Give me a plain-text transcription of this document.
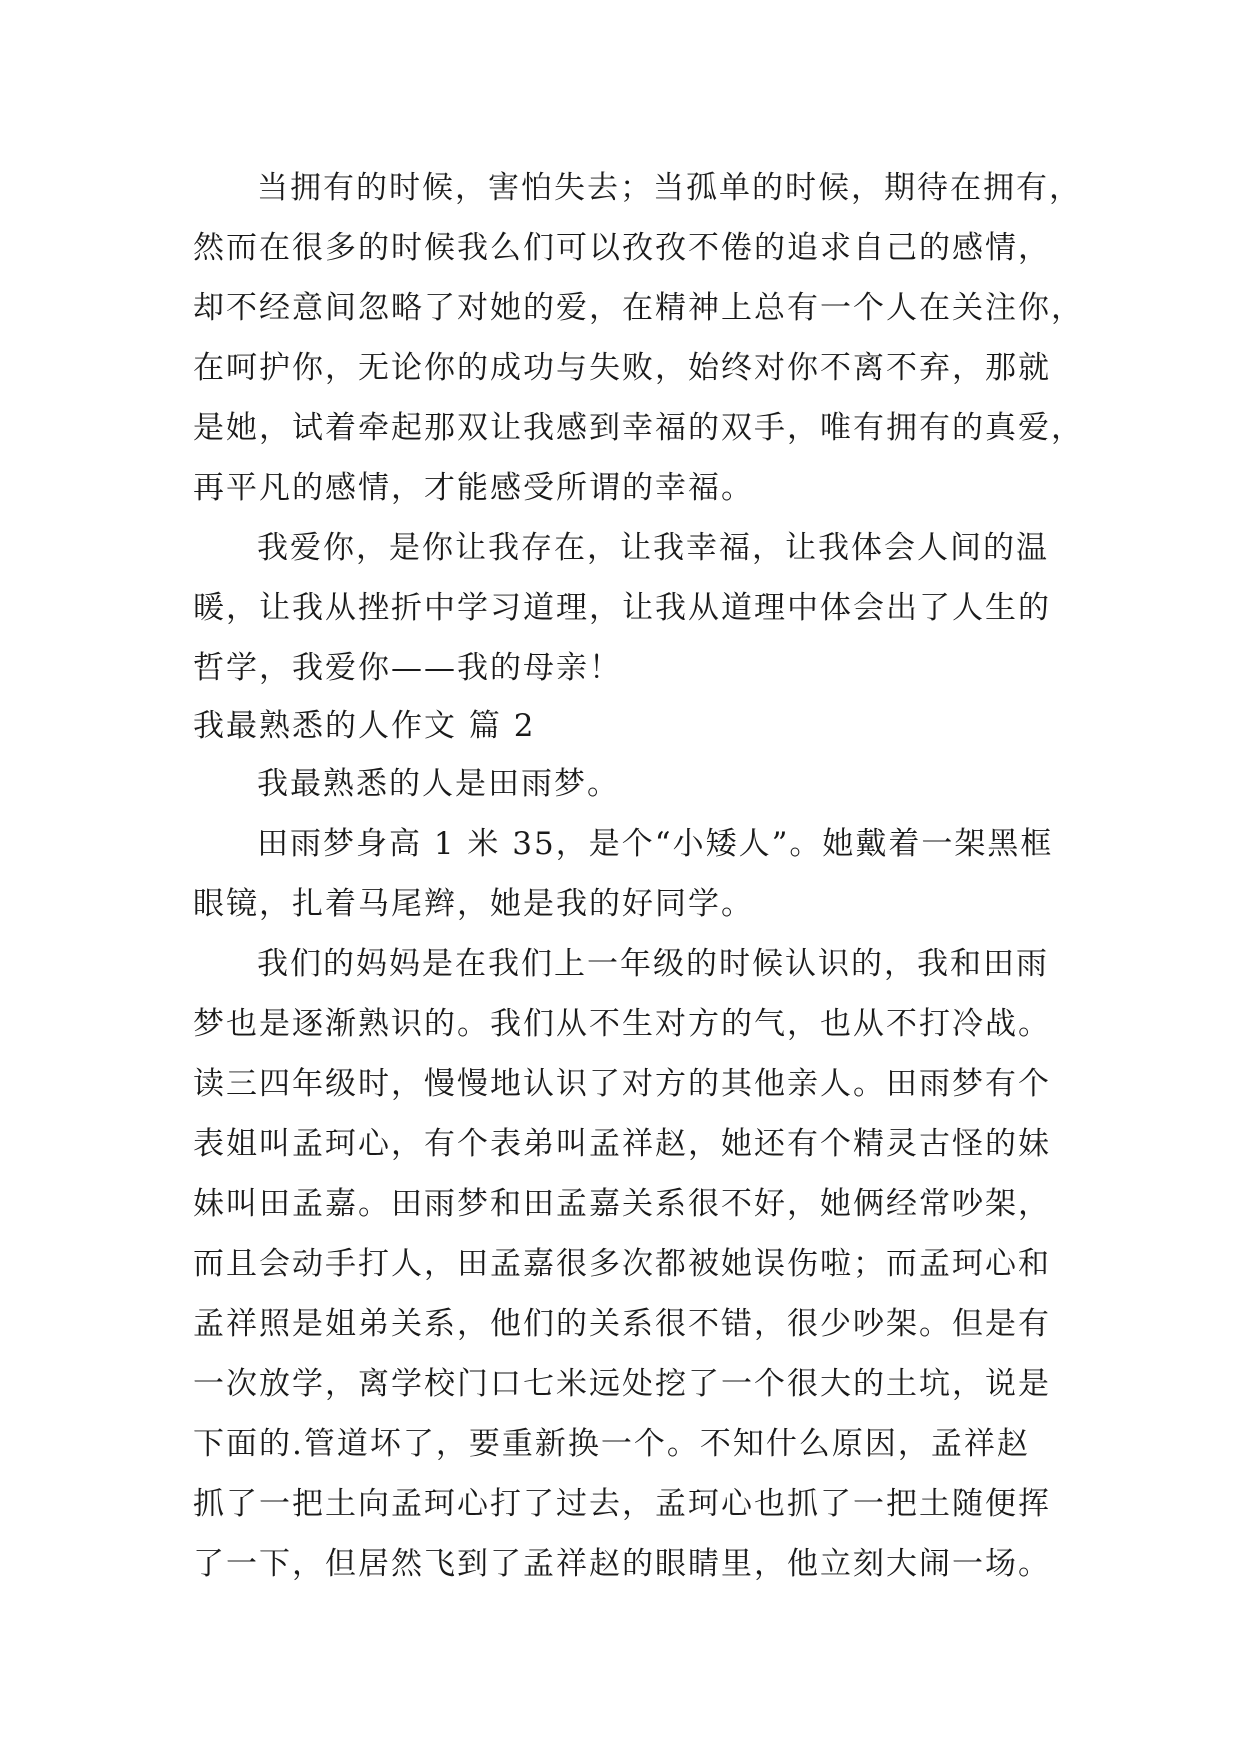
当拥有的时候，害怕失去；当孤单的时候，期待在拥有，
然而在很多的时候我么们可以孜孜不倦的追求自己的感情，
却不经意间忽略了对她的爱，在精神上总有一个人在关注你，
在呵护你，无论你的成功与失败，始终对你不离不弃，那就
是她，试着牵起那双让我感到幸福的双手，唯有拥有的真爱，
再平凡的感情，才能感受所谓的幸福。
我爱你，是你让我存在，让我幸福，让我体会人间的温
暖，让我从挫折中学习道理，让我从道理中体会出了人生的
哲学，我爱你——我的母亲！
我最熟悉的人作文 篇 2
我最熟悉的人是田雨梦。
田雨梦身高 1 米 35，是个“小矮人”。她戴着一架黑框
眼镜，扎着马尾辫，她是我的好同学。
我们的妈妈是在我们上一年级的时候认识的，我和田雨
梦也是逐渐熟识的。我们从不生对方的气，也从不打冷战。
读三四年级时，慢慢地认识了对方的其他亲人。田雨梦有个
表姐叫孟珂心，有个表弟叫孟祥赵，她还有个精灵古怪的妹
妹叫田孟嘉。田雨梦和田孟嘉关系很不好，她俩经常吵架，
而且会动手打人，田孟嘉很多次都被她误伤啦；而孟珂心和
孟祥照是姐弟关系，他们的关系很不错，很少吵架。但是有
一次放学，离学校门口七米远处挖了一个很大的土坑，说是
下面的.管道坏了，要重新换一个。不知什么原因，孟祥赵
抓了一把土向孟珂心打了过去，孟珂心也抓了一把土随便挥
了一下，但居然飞到了孟祥赵的眼睛里，他立刻大闹一场。
